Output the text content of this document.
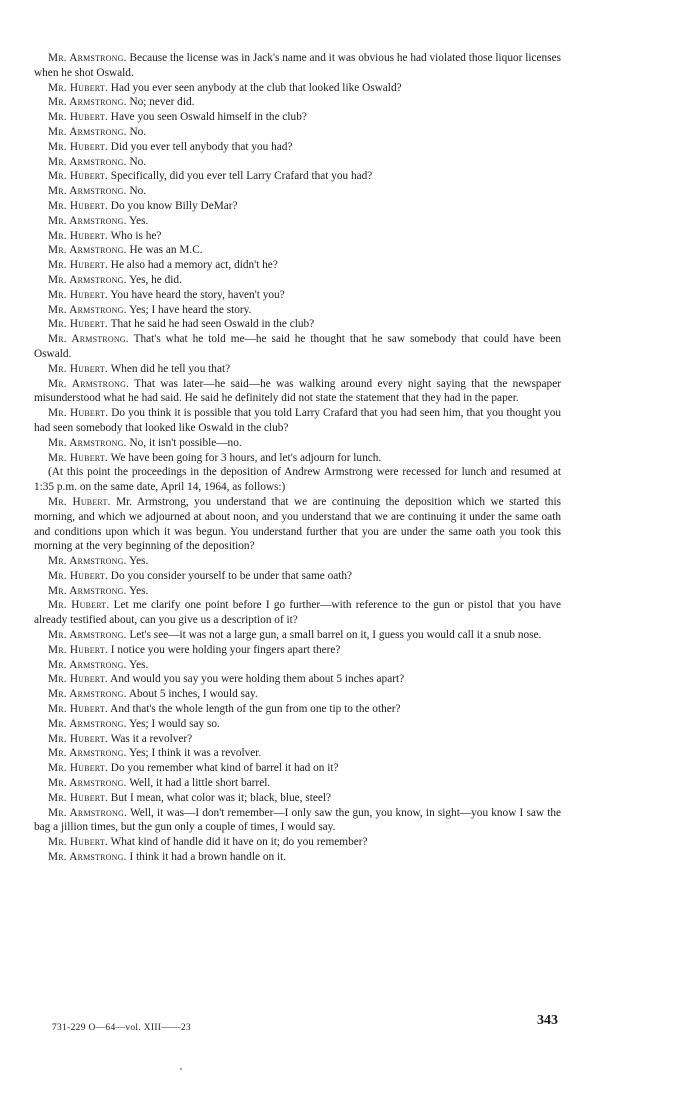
Mr. Armstrong. Because the license was in Jack's name and it was obvious he had violated those liquor licenses when he shot Oswald.

Mr. Hubert. Had you ever seen anybody at the club that looked like Oswald?

Mr. Armstrong. No; never did.

Mr. Hubert. Have you seen Oswald himself in the club?

Mr. Armstrong. No.

Mr. Hubert. Did you ever tell anybody that you had?

Mr. Armstrong. No.

Mr. Hubert. Specifically, did you ever tell Larry Crafard that you had?

Mr. Armstrong. No.

Mr. Hubert. Do you know Billy DeMar?

Mr. Armstrong. Yes.

Mr. Hubert. Who is he?

Mr. Armstrong. He was an M.C.

Mr. Hubert. He also had a memory act, didn't he?

Mr. Armstrong. Yes, he did.

Mr. Hubert. You have heard the story, haven't you?

Mr. Armstrong. Yes; I have heard the story.

Mr. Hubert. That he said he had seen Oswald in the club?

Mr. Armstrong. That's what he told me—he said he thought that he saw somebody that could have been Oswald.

Mr. Hubert. When did he tell you that?

Mr. Armstrong. That was later—he said—he was walking around every night saying that the newspaper misunderstood what he had said. He said he definitely did not state the statement that they had in the paper.

Mr. Hubert. Do you think it is possible that you told Larry Crafard that you had seen him, that you thought you had seen somebody that looked like Oswald in the club?

Mr. Armstrong. No, it isn't possible—no.

Mr. Hubert. We have been going for 3 hours, and let's adjourn for lunch.

(At this point the proceedings in the deposition of Andrew Armstrong were recessed for lunch and resumed at 1:35 p.m. on the same date, April 14, 1964, as follows:)

Mr. Hubert. Mr. Armstrong, you understand that we are continuing the deposition which we started this morning, and which we adjourned at about noon, and you understand that we are continuing it under the same oath and conditions upon which it was begun. You understand further that you are under the same oath you took this morning at the very beginning of the deposition?

Mr. Armstrong. Yes.

Mr. Hubert. Do you consider yourself to be under that same oath?

Mr. Armstrong. Yes.

Mr. Hubert. Let me clarify one point before I go further—with reference to the gun or pistol that you have already testified about, can you give us a description of it?

Mr. Armstrong. Let's see—it was not a large gun, a small barrel on it, I guess you would call it a snub nose.

Mr. Hubert. I notice you were holding your fingers apart there?

Mr. Armstrong. Yes.

Mr. Hubert. And would you say you were holding them about 5 inches apart?

Mr. Armstrong. About 5 inches, I would say.

Mr. Hubert. And that's the whole length of the gun from one tip to the other?

Mr. Armstrong. Yes; I would say so.

Mr. Hubert. Was it a revolver?

Mr. Armstrong. Yes; I think it was a revolver.

Mr. Hubert. Do you remember what kind of barrel it had on it?

Mr. Armstrong. Well, it had a little short barrel.

Mr. Hubert. But I mean, what color was it; black, blue, steel?

Mr. Armstrong. Well, it was—I don't remember—I only saw the gun, you know, in sight—you know I saw the bag a jillion times, but the gun only a couple of times, I would say.

Mr. Hubert. What kind of handle did it have on it; do you remember?

Mr. Armstrong. I think it had a brown handle on it.

731-229 O—64—vol. XIII——23	343
